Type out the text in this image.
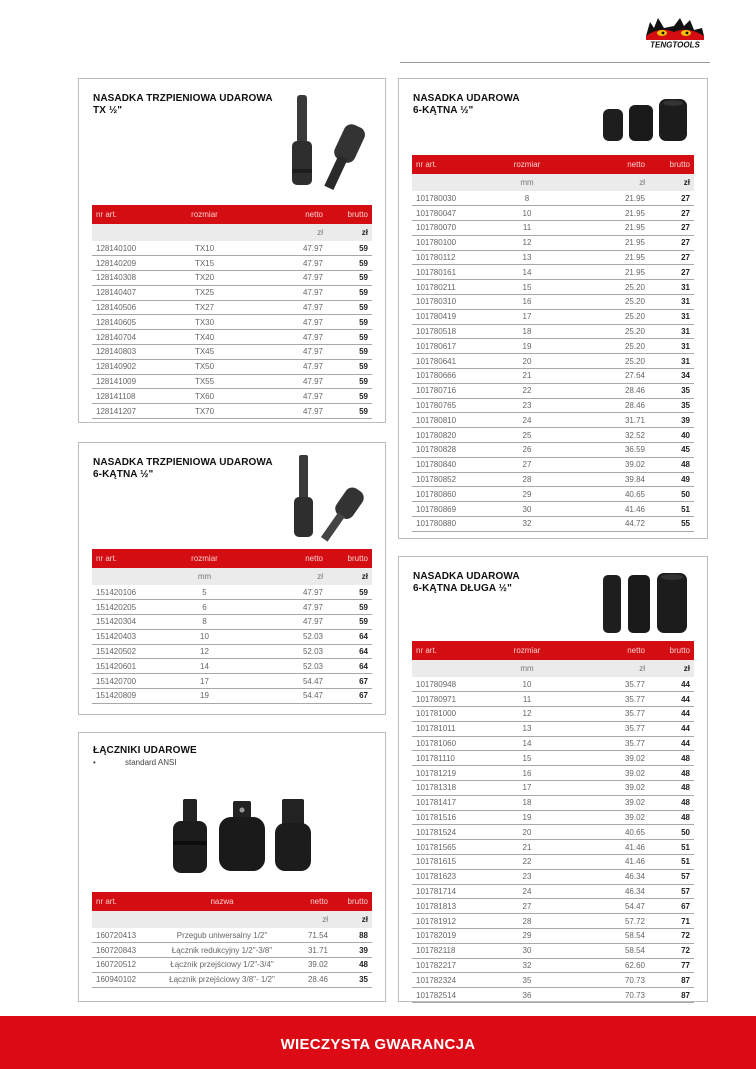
TENGTOOLS
NASADKA TRZPIENIOWA UDAROWA
TX ½"
nr art.	rozmiar	netto	brutto
		zł	zł
128140100	TX10	47.97	59
128140209	TX15	47.97	59
128140308	TX20	47.97	59
128140407	TX25	47.97	59
128140506	TX27	47.97	59
128140605	TX30	47.97	59
128140704	TX40	47.97	59
128140803	TX45	47.97	59
128140902	TX50	47.97	59
128141009	TX55	47.97	59
128141108	TX60	47.97	59
128141207	TX70	47.97	59
NASADKA TRZPIENIOWA UDAROWA
6-KĄTNA ½"
nr art.	rozmiar	netto	brutto
	mm	zł	zł
151420106	5	47.97	59
151420205	6	47.97	59
151420304	8	47.97	59
151420403	10	52.03	64
151420502	12	52.03	64
151420601	14	52.03	64
151420700	17	54.47	67
151420809	19	54.47	67
ŁĄCZNIKI UDAROWE
•	standard ANSI
nr art.	nazwa	netto	brutto
		zł	zł
160720413	Przegub uniwersalny 1/2"	71.54	88
160720843	Łącznik redukcyjny 1/2"-3/8"	31.71	39
160720512	Łącznik przejściowy 1/2"-3/4"	39.02	48
160940102	Łącznik przejściowy 3/8"- 1/2"	28.46	35
NASADKA UDAROWA
6-KĄTNA ½"
nr art.	rozmiar	netto	brutto
	mm	zł	zł
101780030	8	21.95	27
101780047	10	21.95	27
101780070	11	21.95	27
101780100	12	21.95	27
101780112	13	21.95	27
101780161	14	21.95	27
101780211	15	25.20	31
101780310	16	25.20	31
101780419	17	25.20	31
101780518	18	25.20	31
101780617	19	25.20	31
101780641	20	25.20	31
101780666	21	27.64	34
101780716	22	28.46	35
101780765	23	28.46	35
101780810	24	31.71	39
101780820	25	32.52	40
101780828	26	36.59	45
101780840	27	39.02	48
101780852	28	39.84	49
101780860	29	40.65	50
101780869	30	41.46	51
101780880	32	44.72	55
NASADKA UDAROWA
6-KĄTNA DŁUGA ½"
nr art.	rozmiar	netto	brutto
	mm	zł	zł
101780948	10	35.77	44
101780971	11	35.77	44
101781000	12	35.77	44
101781011	13	35.77	44
101781060	14	35.77	44
101781110	15	39.02	48
101781219	16	39.02	48
101781318	17	39.02	48
101781417	18	39.02	48
101781516	19	39.02	48
101781524	20	40.65	50
101781565	21	41.46	51
101781615	22	41.46	51
101781623	23	46.34	57
101781714	24	46.34	57
101781813	27	54.47	67
101781912	28	57.72	71
101782019	29	58.54	72
101782118	30	58.54	72
101782217	32	62.60	77
101782324	35	70.73	87
101782514	36	70.73	87
WIECZYSTA GWARANCJA
